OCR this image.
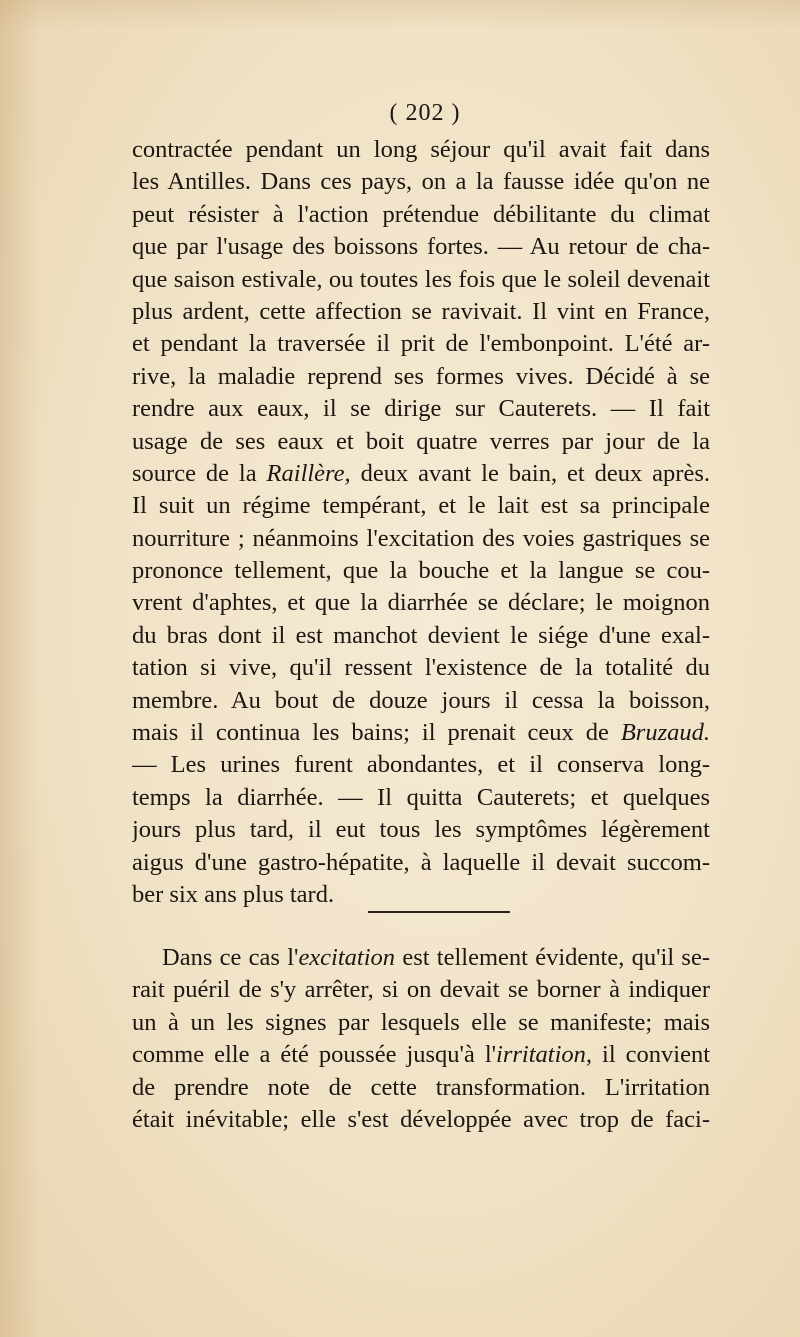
( 202 )
contractée pendant un long séjour qu'il avait fait dans
les Antilles. Dans ces pays, on a la fausse idée qu'on ne
peut résister à l'action prétendue débilitante du climat
que par l'usage des boissons fortes. — Au retour de cha-
que saison estivale, ou toutes les fois que le soleil devenait
plus ardent, cette affection se ravivait. Il vint en France,
et pendant la traversée il prit de l'embonpoint. L'été ar-
rive, la maladie reprend ses formes vives. Décidé à se
rendre aux eaux, il se dirige sur Cauterets. — Il fait
usage de ses eaux et boit quatre verres par jour de la
source de la Raillère, deux avant le bain, et deux après.
Il suit un régime tempérant, et le lait est sa principale
nourriture ; néanmoins l'excitation des voies gastriques se
prononce tellement, que la bouche et la langue se cou-
vrent d'aphtes, et que la diarrhée se déclare; le moignon
du bras dont il est manchot devient le siége d'une exal-
tation si vive, qu'il ressent l'existence de la totalité du
membre. Au bout de douze jours il cessa la boisson,
mais il continua les bains; il prenait ceux de Bruzaud.
— Les urines furent abondantes, et il conserva long-
temps la diarrhée. — Il quitta Cauterets; et quelques
jours plus tard, il eut tous les symptômes légèrement
aigus d'une gastro-hépatite, à laquelle il devait succom-
ber six ans plus tard.
Dans ce cas l'excitation est tellement évidente, qu'il se-
rait puéril de s'y arrêter, si on devait se borner à indiquer
un à un les signes par lesquels elle se manifeste; mais
comme elle a été poussée jusqu'à l'irritation, il convient
de prendre note de cette transformation. L'irritation
était inévitable; elle s'est développée avec trop de faci-
